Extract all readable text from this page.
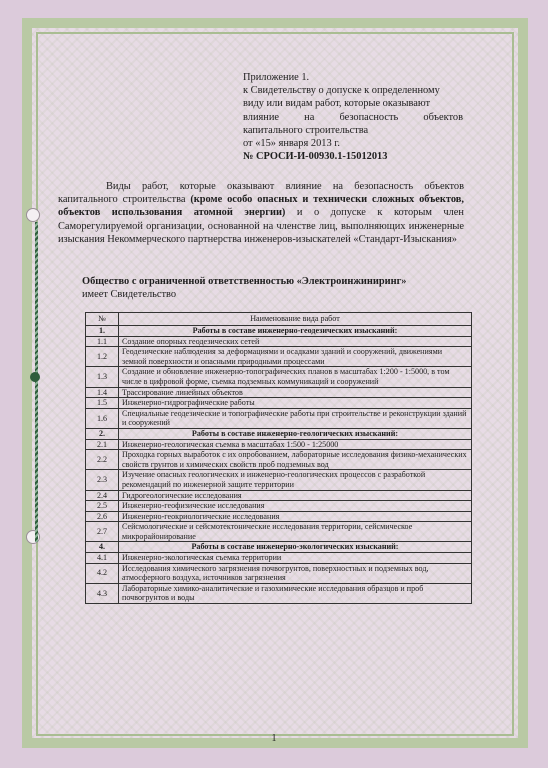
Приложение 1.
к Свидетельству о допуске к определенному
виду или видам работ, которые оказывают
влияние на безопасность объектов
капитального строительства
от «15» января 2013 г.
№ СРОСИ-И-00930.1-15012013
Виды работ, которые оказывают влияние на безопасность объектов капитального строительства (кроме особо опасных и технически сложных объектов, объектов использования атомной энергии) и о допуске к которым член Саморегулируемой организации, основанной на членстве лиц, выполняющих инженерные изыскания Некоммерческого партнерства инженеров-изыскателей «Стандарт-Изыскания»
Общество с ограниченной ответственностью «Электроинжиниринг»
имеет Свидетельство
№	Наименование вида работ
1.	Работы в составе инженерно-геодезических изысканий:
1.1	Создание опорных геодезических сетей
1.2	Геодезические наблюдения за деформациями и осадками зданий и сооружений, движениями земной поверхности и опасными природными процессами
1.3	Создание и обновление инженерно-топографических планов в масштабах 1:200 - 1:5000, в том числе в цифровой форме, съемка подземных коммуникаций и сооружений
1.4	Трассирование линейных объектов
1.5	Инженерно-гидрографические работы
1.6	Специальные геодезические и топографические работы при строительстве и реконструкции зданий и сооружений
2.	Работы в составе инженерно-геологических изысканий:
2.1	Инженерно-геологическая съемка в масштабах 1:500 - 1:25000
2.2	Проходка горных выработок с их опробованием, лабораторные исследования физико-механических свойств грунтов и химических свойств проб подземных вод
2.3	Изучение опасных геологических и инженерно-геологических процессов с разработкой рекомендаций по инженерной защите территории
2.4	Гидрогеологические исследования
2.5	Инженерно-геофизические исследования
2.6	Инженерно-геокриологические исследования
2.7	Сейсмологические и сейсмотектонические исследования территории, сейсмическое микрорайонирование
4.	Работы в составе инженерно-экологических изысканий:
4.1	Инженерно-экологическая съемка территории
4.2	Исследования химического загрязнения почвогрунтов, поверхностных и подземных вод, атмосферного воздуха, источников загрязнения
4.3	Лабораторные химико-аналитические и газохимические исследования образцов и проб почвогрунтов и воды
1
